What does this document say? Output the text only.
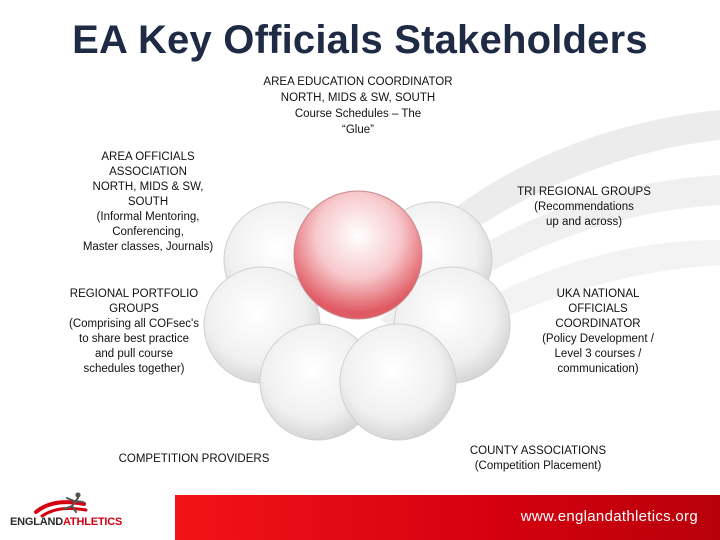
EA Key Officials Stakeholders
AREA EDUCATION COORDINATOR
NORTH, MIDS & SW, SOUTH
Course Schedules – The
“Glue”
AREA OFFICIALS
ASSOCIATION
NORTH, MIDS & SW,
SOUTH
(Informal Mentoring,
Conferencing,
Master classes, Journals)
TRI REGIONAL GROUPS
(Recommendations
up and across)
REGIONAL PORTFOLIO
GROUPS
(Comprising all COFsec's
to share best practice
and pull course
schedules together)
UKA NATIONAL
OFFICIALS
COORDINATOR
(Policy Development /
Level 3 courses /
communication)
COMPETITION PROVIDERS
COUNTY ASSOCIATIONS
(Competition Placement)
www.englandathletics.org
ENGLANDATHLETICS
